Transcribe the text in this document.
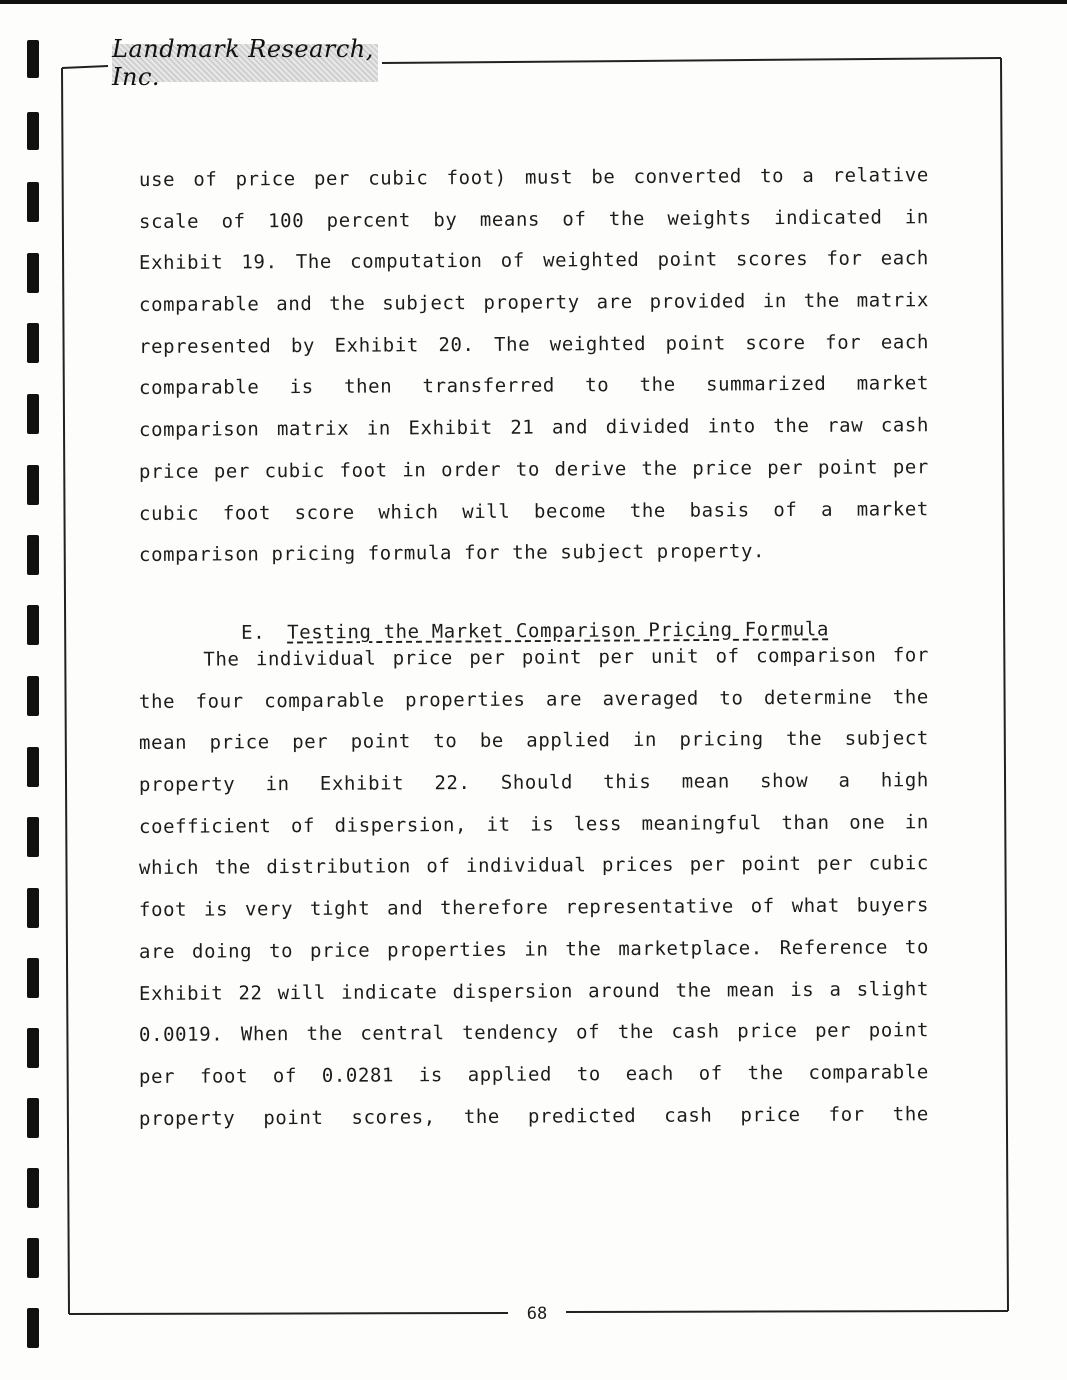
Landmark Research, Inc.
use of price per cubic foot) must be converted to a relative
scale of 100 percent by means of the weights indicated in
Exhibit 19. The computation of weighted point scores for each
comparable and the subject property are provided in the matrix
represented by Exhibit 20. The weighted point score for each
comparable is then transferred to the summarized market
comparison matrix in Exhibit 21 and divided into the raw cash
price per cubic foot in order to derive the price per point per
cubic foot score which will become the basis of a market
comparison pricing formula for the subject property.

E. Testing the Market Comparison Pricing Formula

The individual price per point per unit of comparison for
the four comparable properties are averaged to determine the
mean price per point to be applied in pricing the subject
property in Exhibit 22. Should this mean show a high
coefficient of dispersion, it is less meaningful than one in
which the distribution of individual prices per point per cubic
foot is very tight and therefore representative of what buyers
are doing to price properties in the marketplace. Reference to
Exhibit 22 will indicate dispersion around the mean is a slight
0.0019. When the central tendency of the cash price per point
per foot of 0.0281 is applied to each of the comparable
property point scores, the predicted cash price for the
68
